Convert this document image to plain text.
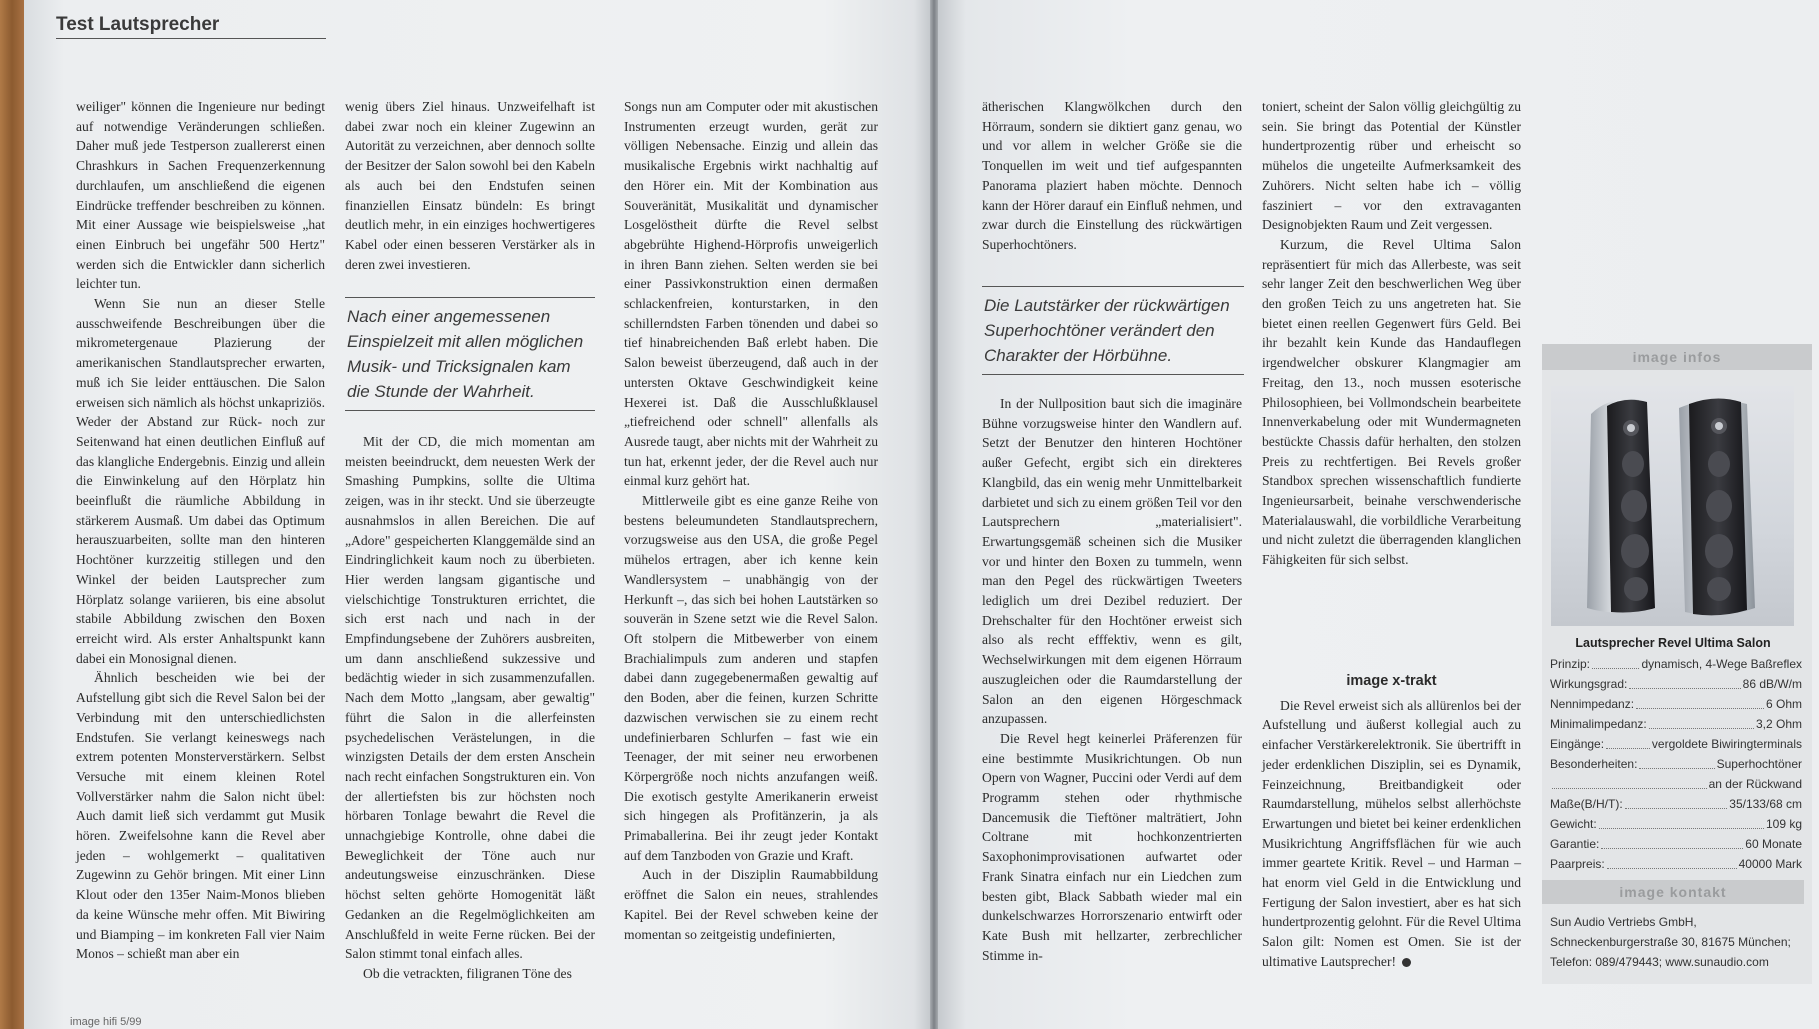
Test Lautsprecher

weiliger" können die Ingenieure nur bedingt auf notwendige Veränderungen schließen. Daher muß jede Testperson zuallererst einen Chrashkurs in Sachen Frequenzerkennung durchlaufen, um anschließend die eigenen Eindrücke treffender beschreiben zu können. Mit einer Aussage wie beispielsweise „hat einen Einbruch bei ungefähr 500 Hertz" werden sich die Entwickler dann sicherlich leichter tun.

Wenn Sie nun an dieser Stelle ausschweifende Beschreibungen über die mikrometergenaue Plazierung der amerikanischen Standlautsprecher erwarten, muß ich Sie leider enttäuschen. Die Salon erweisen sich nämlich als höchst unkapriziös. Weder der Abstand zur Rück- noch zur Seitenwand hat einen deutlichen Einfluß auf das klangliche Endergebnis. Einzig und allein die Einwinkelung auf den Hörplatz hin beeinflußt die räumliche Abbildung in stärkerem Ausmaß. Um dabei das Optimum herauszuarbeiten, sollte man den hinteren Hochtöner kurzzeitig stillegen und den Winkel der beiden Lautsprecher zum Hörplatz solange variieren, bis eine absolut stabile Abbildung zwischen den Boxen erreicht wird. Als erster Anhaltspunkt kann dabei ein Monosignal dienen.

Ähnlich bescheiden wie bei der Aufstellung gibt sich die Revel Salon bei der Verbindung mit den unterschiedlichsten Endstufen. Sie verlangt keineswegs nach extrem potenten Monsterverstärkern. Selbst Versuche mit einem kleinen Rotel Vollverstärker nahm die Salon nicht übel: Auch damit ließ sich verdammt gut Musik hören. Zweifelsohne kann die Revel aber jeden – wohlgemerkt – qualitativen Zugewinn zu Gehör bringen. Mit einer Linn Klout oder den 135er Naim-Monos blieben da keine Wünsche mehr offen. Mit Biwiring und Biamping – im konkreten Fall vier Naim Monos – schießt man aber ein

wenig übers Ziel hinaus. Unzweifelhaft ist dabei zwar noch ein kleiner Zugewinn an Autorität zu verzeichnen, aber dennoch sollte der Besitzer der Salon sowohl bei den Kabeln als auch bei den Endstufen seinen finanziellen Einsatz bündeln: Es bringt deutlich mehr, in ein einziges hochwertigeres Kabel oder einen besseren Verstärker als in deren zwei investieren.

Nach einer angemessenen Einspielzeit mit allen möglichen Musik- und Tricksignalen kam die Stunde der Wahrheit.

Mit der CD, die mich momentan am meisten beeindruckt, dem neuesten Werk der Smashing Pumpkins, sollte die Ultima zeigen, was in ihr steckt. Und sie überzeugte ausnahmslos in allen Bereichen. Die auf „Adore" gespeicherten Klanggemälde sind an Eindringlichkeit kaum noch zu überbieten. Hier werden langsam gigantische und vielschichtige Tonstrukturen errichtet, die sich erst nach und nach in der Empfindungsebene der Zuhörers ausbreiten, um dann anschließend sukzessive und bedächtig wieder in sich zusammenzufallen. Nach dem Motto „langsam, aber gewaltig" führt die Salon in die allerfeinsten psychedelischen Verästelungen, in die winzigsten Details der dem ersten Anschein nach recht einfachen Songstrukturen ein. Von der allertiefsten bis zur höchsten noch hörbaren Tonlage bewahrt die Revel die unnachgiebige Kontrolle, ohne dabei die Beweglichkeit der Töne auch nur andeutungsweise einzuschränken. Diese höchst selten gehörte Homogenität läßt Gedanken an die Regelmöglichkeiten am Anschlußfeld in weite Ferne rücken. Bei der Salon stimmt tonal einfach alles.

Ob die vetrackten, filigranen Töne des

Songs nun am Computer oder mit akustischen Instrumenten erzeugt wurden, gerät zur völligen Nebensache. Einzig und allein das musikalische Ergebnis wirkt nachhaltig auf den Hörer ein. Mit der Kombination aus Souveränität, Musikalität und dynamischer Losgelöstheit dürfte die Revel selbst abgebrühte Highend-Hörprofis unweigerlich in ihren Bann ziehen. Selten werden sie bei einer Passivkonstruktion einen dermaßen schlackenfreien, konturstarken, in den schillerndsten Farben tönenden und dabei so tief hinabreichenden Baß erlebt haben. Die Salon beweist überzeugend, daß auch in der untersten Oktave Geschwindigkeit keine Hexerei ist. Daß die Ausschlußklausel „tiefreichend oder schnell" allenfalls als Ausrede taugt, aber nichts mit der Wahrheit zu tun hat, erkennt jeder, der die Revel auch nur einmal kurz gehört hat.

Mittlerweile gibt es eine ganze Reihe von bestens beleumundeten Standlautsprechern, vorzugsweise aus den USA, die große Pegel mühelos ertragen, aber ich kenne kein Wandlersystem – unabhängig von der Herkunft –, das sich bei hohen Lautstärken so souverän in Szene setzt wie die Revel Salon. Oft stolpern die Mitbewerber von einem Brachialimpuls zum anderen und stapfen dabei dann zugegebenermaßen gewaltig auf den Boden, aber die feinen, kurzen Schritte dazwischen verwischen sie zu einem recht undefinierbaren Schlurfen – fast wie ein Teenager, der mit seiner neu erworbenen Körpergröße noch nichts anzufangen weiß. Die exotisch gestylte Amerikanerin erweist sich hingegen als Profitänzerin, ja als Primaballerina. Bei ihr zeugt jeder Kontakt auf dem Tanzboden von Grazie und Kraft.

Auch in der Disziplin Raumabbildung eröffnet die Salon ein neues, strahlendes Kapitel. Bei der Revel schweben keine der momentan so zeitgeistig undefinierten,

ätherischen Klangwölkchen durch den Hörraum, sondern sie diktiert ganz genau, wo und vor allem in welcher Größe sie die Tonquellen im weit und tief aufgespannten Panorama plaziert haben möchte. Dennoch kann der Hörer darauf ein Einfluß nehmen, und zwar durch die Einstellung des rückwärtigen Superhochtöners.

Die Lautstärker der rückwärtigen Superhochtöner verändert den Charakter der Hörbühne.

In der Nullposition baut sich die imaginäre Bühne vorzugsweise hinter den Wandlern auf. Setzt der Benutzer den hinteren Hochtöner außer Gefecht, ergibt sich ein direkteres Klangbild, das ein wenig mehr Unmittelbarkeit darbietet und sich zu einem größen Teil vor den Lautsprechern „materialisiert". Erwartungsgemäß scheinen sich die Musiker vor und hinter den Boxen zu tummeln, wenn man den Pegel des rückwärtigen Tweeters lediglich um drei Dezibel reduziert. Der Drehschalter für den Hochtöner erweist sich also als recht efffektiv, wenn es gilt, Wechselwirkungen mit dem eigenen Hörraum auszugleichen oder die Raumdarstellung der Salon an den eigenen Hörgeschmack anzupassen.

Die Revel hegt keinerlei Präferenzen für eine bestimmte Musikrichtungen. Ob nun Opern von Wagner, Puccini oder Verdi auf dem Programm stehen oder rhythmische Dancemusik die Tieftöner malträtiert, John Coltrane mit hochkonzentrierten Saxophonimprovisationen aufwartet oder Frank Sinatra einfach nur ein Liedchen zum besten gibt, Black Sabbath wieder mal ein dunkelschwarzes Horrorszenario entwirft oder Kate Bush mit hellzarter, zerbrechlicher Stimme in-

toniert, scheint der Salon völlig gleichgültig zu sein. Sie bringt das Potential der Künstler hundertprozentig rüber und erheischt so mühelos die ungeteilte Aufmerksamkeit des Zuhörers. Nicht selten habe ich – völlig fasziniert – vor den extravaganten Designobjekten Raum und Zeit vergessen.

Kurzum, die Revel Ultima Salon repräsentiert für mich das Allerbeste, was seit sehr langer Zeit den beschwerlichen Weg über den großen Teich zu uns angetreten hat. Sie bietet einen reellen Gegenwert fürs Geld. Bei ihr bezahlt kein Kunde das Handauflegen irgendwelcher obskurer Klangmagier am Freitag, den 13., noch mussen esoterische Philosophieen, bei Vollmondschein bearbeitete Innenverkabelung oder mit Wundermagneten bestückte Chassis dafür herhalten, den stolzen Preis zu rechtfertigen. Bei Revels großer Standbox sprechen wissenschaftlich fundierte Ingenieursarbeit, beinahe verschwenderische Materialauswahl, die vorbildliche Verarbeitung und nicht zuletzt die überragenden klanglichen Fähigkeiten für sich selbst.

image x-trakt

Die Revel erweist sich als allürenlos bei der Aufstellung und äußerst kollegial auch zu einfacher Verstärkerelektronik. Sie übertrifft in jeder erdenklichen Disziplin, sei es Dynamik, Feinzeichnung, Breitbandigkeit oder Raumdarstellung, mühelos selbst allerhöchste Erwartungen und bietet bei keiner erdenklichen Musikrichtung Angriffsflächen für wie auch immer geartete Kritik. Revel – und Harman – hat enorm viel Geld in die Entwicklung und Fertigung der Salon investiert, aber es hat sich hundertprozentig gelohnt. Für die Revel Ultima Salon gilt: Nomen est Omen. Sie ist der ultimative Lautsprecher!

image infos
Lautsprecher Revel Ultima Salon
Prinzip:	dynamisch, 4-Wege Baßreflex
Wirkungsgrad:	86 dB/W/m
Nennimpedanz:	6 Ohm
Minimalimpedanz:	3,2 Ohm
Eingänge:	vergoldete Biwiringterminals
Besonderheiten:	Superhochtöner
an der Rückwand
Maße(B/H/T):	35/133/68 cm
Gewicht:	109 kg
Garantie:	60 Monate
Paarpreis:	40000 Mark
image kontakt
Sun Audio Vertriebs GmbH,
Schneckenburgerstraße 30, 81675 München;
Telefon: 089/479443; www.sunaudio.com
image hifi 5/99
